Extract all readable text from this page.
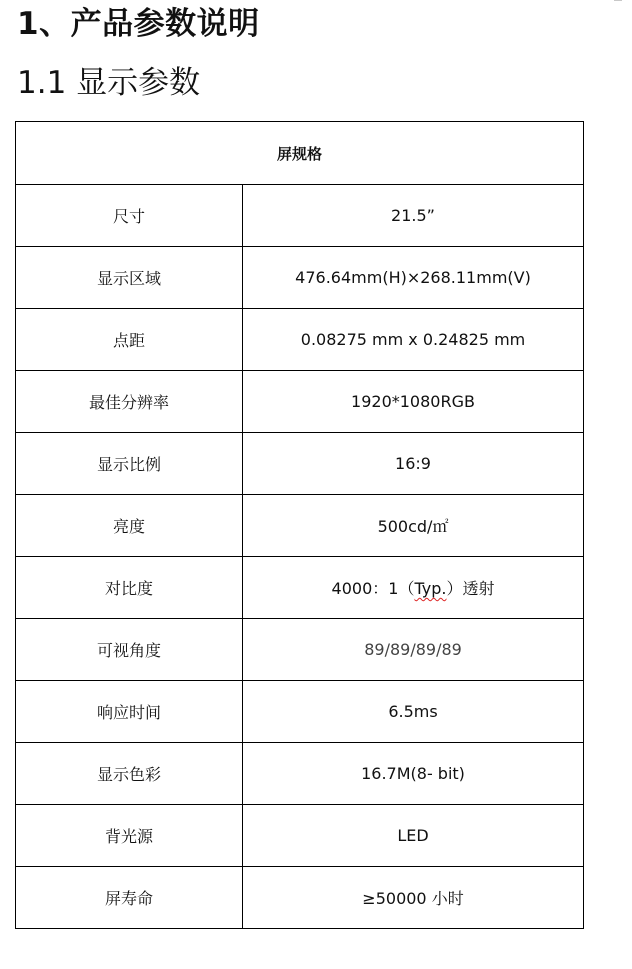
1、产品参数说明
1.1 显示参数
屏规格	
尺寸	21.5”
显示区域	476.64mm(H)×268.11mm(V)
点距	0.08275 mm x 0.24825 mm
最佳分辨率	1920*1080RGB
显示比例	16:9
亮度	500cd/㎡
对比度	4000：1（Typ.）透射
可视角度	89/89/89/89
响应时间	6.5ms
显示色彩	16.7M(8- bit)
背光源	LED
屏寿命	≥50000 小时
